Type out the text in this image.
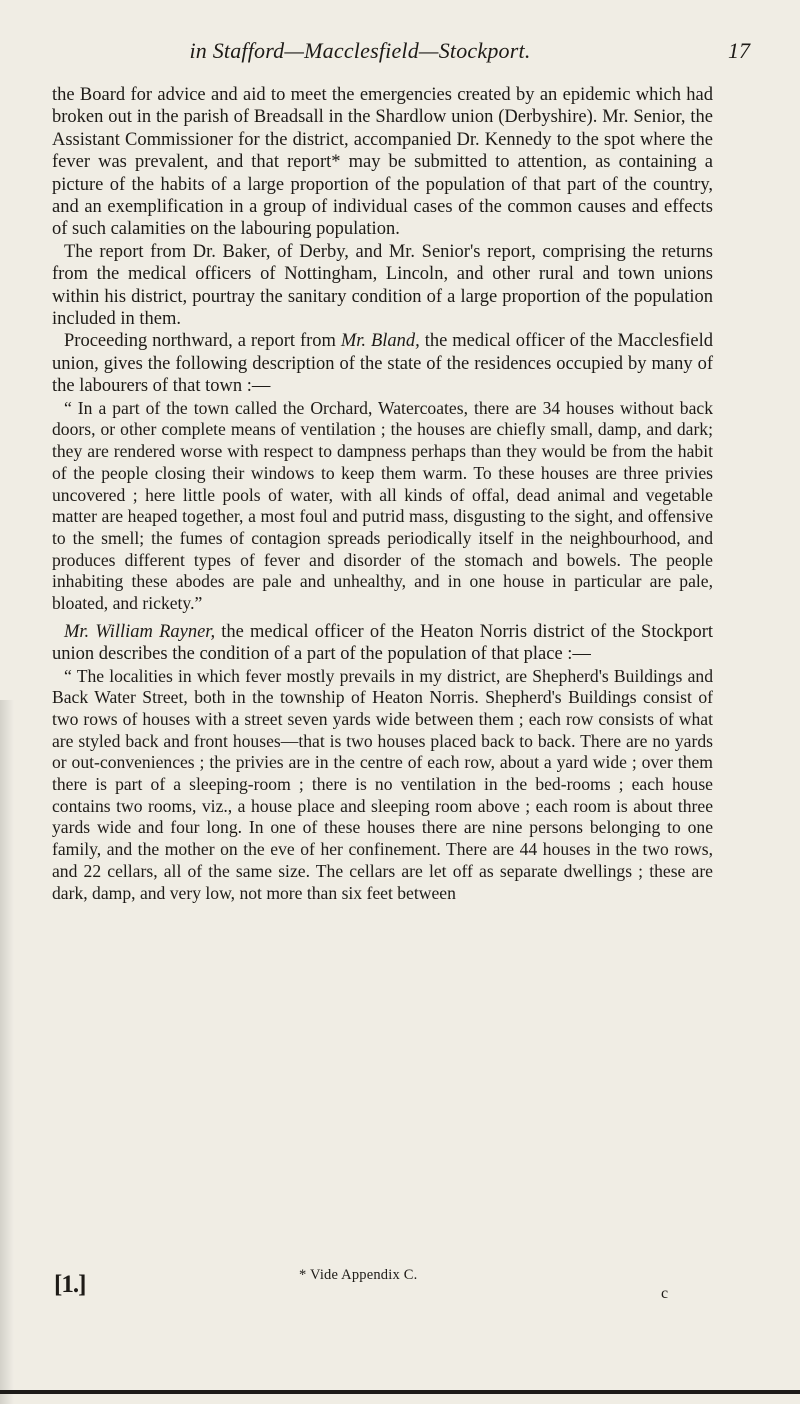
in Stafford—Macclesfield—Stockport.	17

the Board for advice and aid to meet the emergencies created by an epidemic which had broken out in the parish of Breadsall in the Shardlow union (Derbyshire). Mr. Senior, the Assistant Commissioner for the district, accompanied Dr. Kennedy to the spot where the fever was prevalent, and that report* may be submitted to attention, as containing a picture of the habits of a large proportion of the population of that part of the country, and an exemplification in a group of individual cases of the common causes and effects of such calamities on the labouring population.

The report from Dr. Baker, of Derby, and Mr. Senior's report, comprising the returns from the medical officers of Nottingham, Lincoln, and other rural and town unions within his district, pourtray the sanitary condition of a large proportion of the population included in them.

Proceeding northward, a report from Mr. Bland, the medical officer of the Macclesfield union, gives the following description of the state of the residences occupied by many of the labourers of that town :—

“ In a part of the town called the Orchard, Watercoates, there are 34 houses without back doors, or other complete means of ventilation ; the houses are chiefly small, damp, and dark; they are rendered worse with respect to dampness perhaps than they would be from the habit of the people closing their windows to keep them warm. To these houses are three privies uncovered ; here little pools of water, with all kinds of offal, dead animal and vegetable matter are heaped together, a most foul and putrid mass, disgusting to the sight, and offensive to the smell; the fumes of contagion spreads periodically itself in the neighbourhood, and produces different types of fever and disorder of the stomach and bowels. The people inhabiting these abodes are pale and unhealthy, and in one house in particular are pale, bloated, and rickety.”

Mr. William Rayner, the medical officer of the Heaton Norris district of the Stockport union describes the condition of a part of the population of that place :—

“ The localities in which fever mostly prevails in my district, are Shepherd's Buildings and Back Water Street, both in the township of Heaton Norris. Shepherd's Buildings consist of two rows of houses with a street seven yards wide between them ; each row consists of what are styled back and front houses—that is two houses placed back to back. There are no yards or out-conveniences ; the privies are in the centre of each row, about a yard wide ; over them there is part of a sleeping-room ; there is no ventilation in the bed-rooms ; each house contains two rooms, viz., a house place and sleeping room above ; each room is about three yards wide and four long. In one of these houses there are nine persons belonging to one family, and the mother on the eve of her confinement. There are 44 houses in the two rows, and 22 cellars, all of the same size. The cellars are let off as separate dwellings ; these are dark, damp, and very low, not more than six feet between

* Vide Appendix C.
[1.]	c
